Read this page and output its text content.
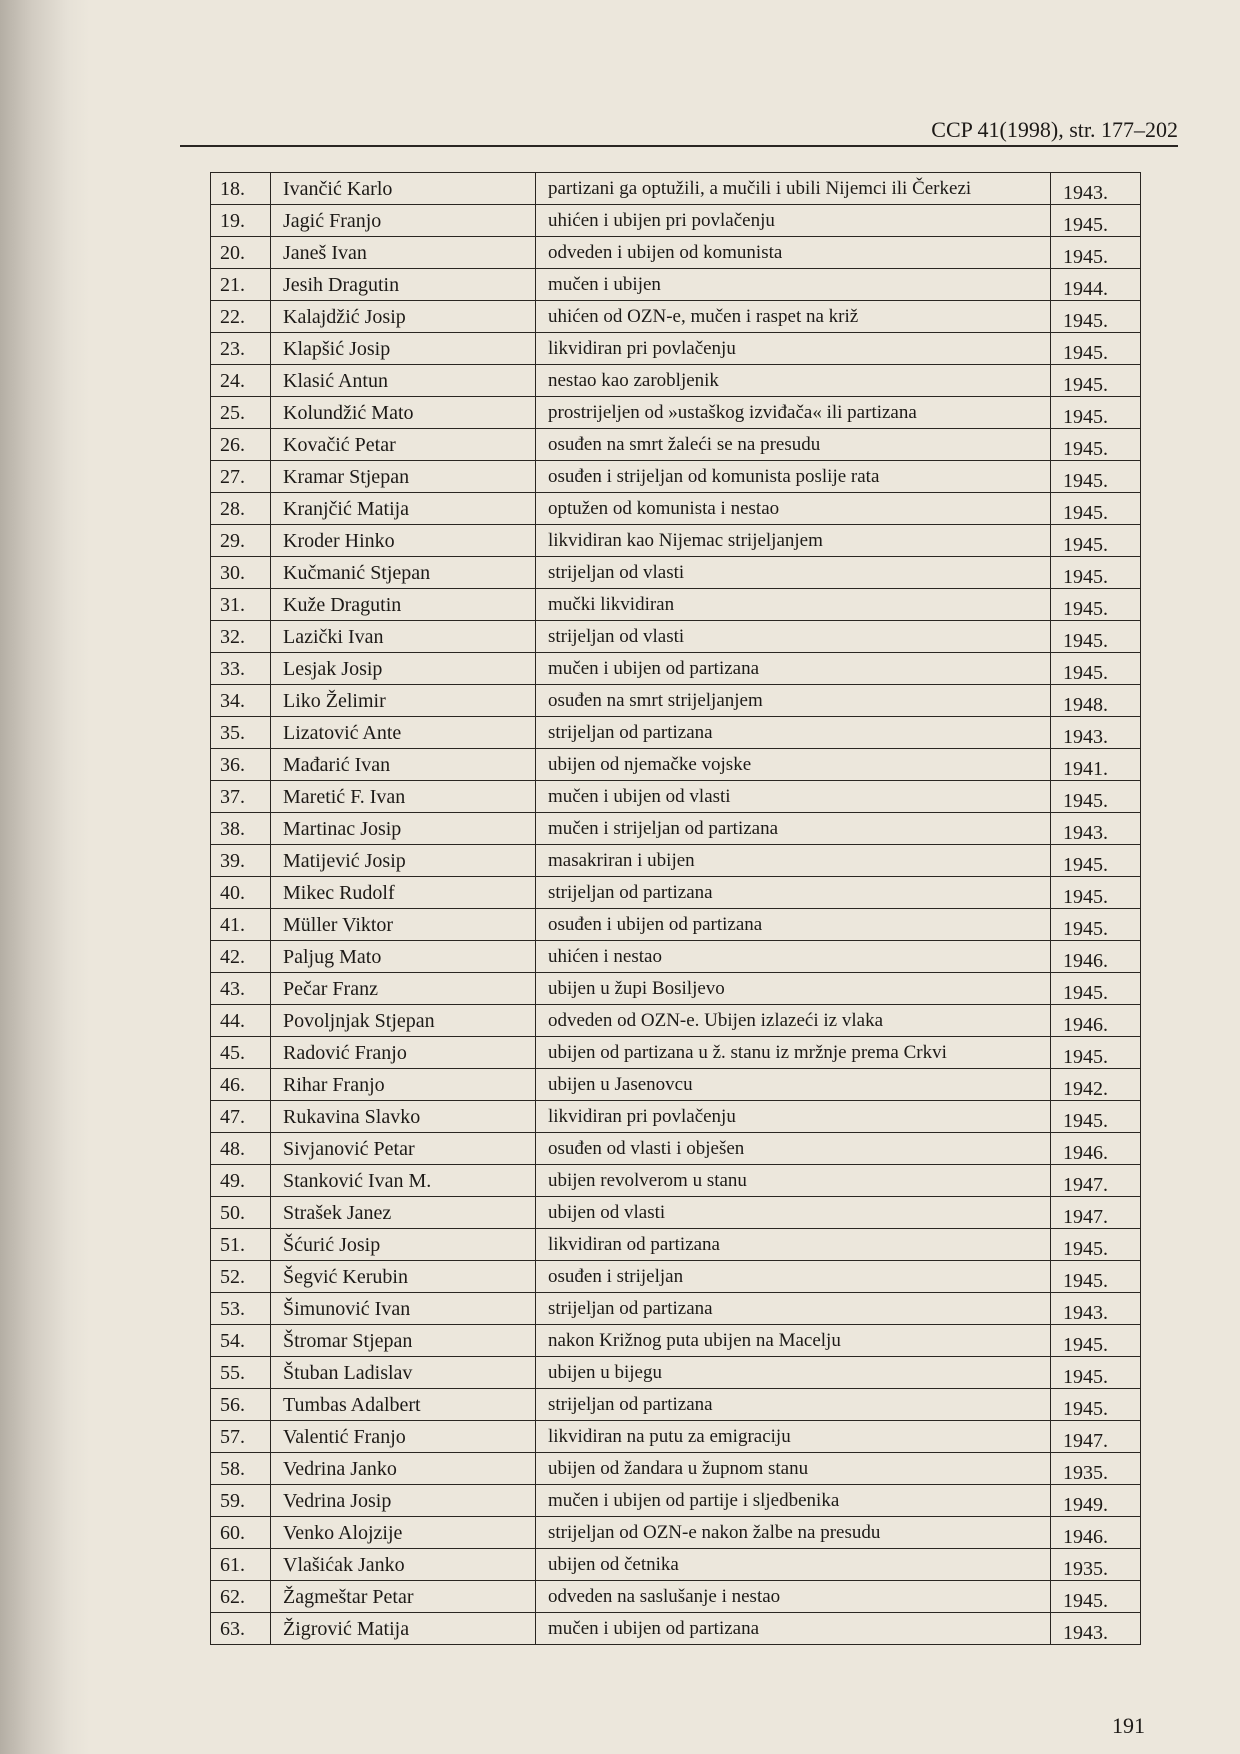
CCP 41(1998), str. 177–202
18.	Ivančić Karlo	partizani ga optužili, a mučili i ubili Nijemci ili Čerkezi	1943.
19.	Jagić Franjo	uhićen i ubijen pri povlačenju	1945.
20.	Janeš Ivan	odveden i ubijen od komunista	1945.
21.	Jesih Dragutin	mučen i ubijen	1944.
22.	Kalajdžić Josip	uhićen od OZN-e, mučen i raspet na križ	1945.
23.	Klapšić Josip	likvidiran pri povlačenju	1945.
24.	Klasić Antun	nestao kao zarobljenik	1945.
25.	Kolundžić Mato	prostrijeljen od »ustaškog izviđača« ili partizana	1945.
26.	Kovačić Petar	osuđen na smrt žaleći se na presudu	1945.
27.	Kramar Stjepan	osuđen i strijeljan od komunista poslije rata	1945.
28.	Kranjčić Matija	optužen od komunista i nestao	1945.
29.	Kroder Hinko	likvidiran kao Nijemac strijeljanjem	1945.
30.	Kučmanić Stjepan	strijeljan od vlasti	1945.
31.	Kuže Dragutin	mučki likvidiran	1945.
32.	Lazički Ivan	strijeljan od vlasti	1945.
33.	Lesjak Josip	mučen i ubijen od partizana	1945.
34.	Liko Želimir	osuđen na smrt strijeljanjem	1948.
35.	Lizatović Ante	strijeljan od partizana	1943.
36.	Mađarić Ivan	ubijen od njemačke vojske	1941.
37.	Maretić F. Ivan	mučen i ubijen od vlasti	1945.
38.	Martinac Josip	mučen i strijeljan od partizana	1943.
39.	Matijević Josip	masakriran i ubijen	1945.
40.	Mikec Rudolf	strijeljan od partizana	1945.
41.	Müller Viktor	osuđen i ubijen od partizana	1945.
42.	Paljug Mato	uhićen i nestao	1946.
43.	Pečar Franz	ubijen u župi Bosiljevo	1945.
44.	Povoljnjak Stjepan	odveden od OZN-e. Ubijen izlazeći iz vlaka	1946.
45.	Radović Franjo	ubijen od partizana u ž. stanu iz mržnje prema Crkvi	1945.
46.	Rihar Franjo	ubijen u Jasenovcu	1942.
47.	Rukavina Slavko	likvidiran pri povlačenju	1945.
48.	Sivjanović Petar	osuđen od vlasti i obješen	1946.
49.	Stanković Ivan M.	ubijen revolverom u stanu	1947.
50.	Strašek Janez	ubijen od vlasti	1947.
51.	Šćurić Josip	likvidiran od partizana	1945.
52.	Šegvić Kerubin	osuđen i strijeljan	1945.
53.	Šimunović Ivan	strijeljan od partizana	1943.
54.	Štromar Stjepan	nakon Križnog puta ubijen na Macelju	1945.
55.	Štuban Ladislav	ubijen u bijegu	1945.
56.	Tumbas Adalbert	strijeljan od partizana	1945.
57.	Valentić Franjo	likvidiran na putu za emigraciju	1947.
58.	Vedrina Janko	ubijen od žandara u župnom stanu	1935.
59.	Vedrina Josip	mučen i ubijen od partije i sljedbenika	1949.
60.	Venko Alojzije	strijeljan od OZN-e nakon žalbe na presudu	1946.
61.	Vlašićak Janko	ubijen od četnika	1935.
62.	Žagmeštar Petar	odveden na saslušanje i nestao	1945.
63.	Žigrović Matija	mučen i ubijen od partizana	1943.
191
